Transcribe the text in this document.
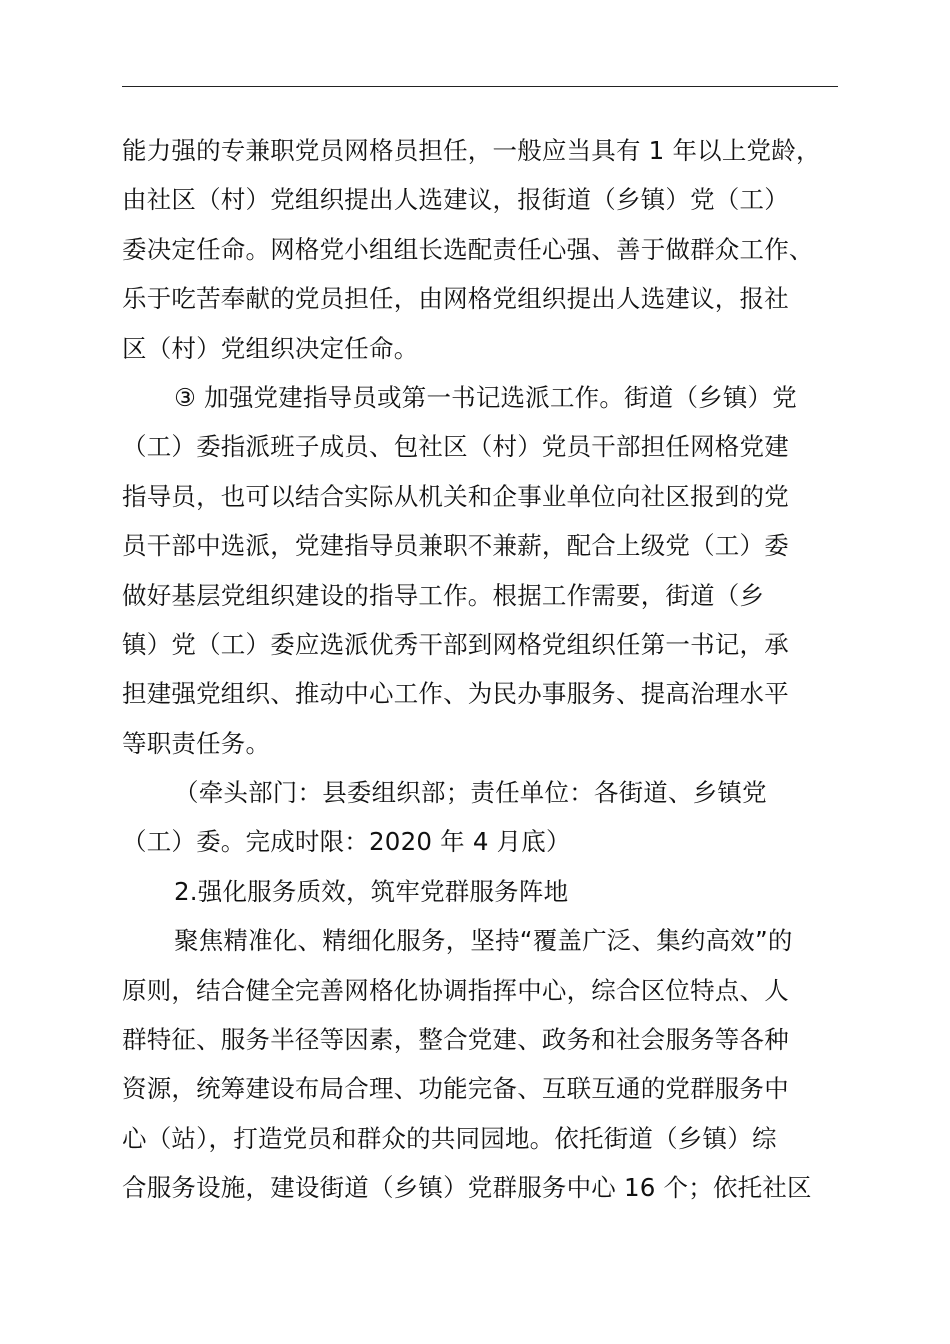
能力强的专兼职党员网格员担任，一般应当具有 1 年以上党龄，
由社区（村）党组织提出人选建议，报街道（乡镇）党（工）
委决定任命。网格党小组组长选配责任心强、善于做群众工作、
乐于吃苦奉献的党员担任，由网格党组织提出人选建议，报社
区（村）党组织决定任命。
③ 加强党建指导员或第一书记选派工作。街道（乡镇）党
（工）委指派班子成员、包社区（村）党员干部担任网格党建
指导员，也可以结合实际从机关和企事业单位向社区报到的党
员干部中选派，党建指导员兼职不兼薪，配合上级党（工）委
做好基层党组织建设的指导工作。根据工作需要，街道（乡
镇）党（工）委应选派优秀干部到网格党组织任第一书记，承
担建强党组织、推动中心工作、为民办事服务、提高治理水平
等职责任务。
（牵头部门：县委组织部；责任单位：各街道、乡镇党
（工）委。完成时限：2020 年 4 月底）
2.强化服务质效，筑牢党群服务阵地
聚焦精准化、精细化服务，坚持“覆盖广泛、集约高效”的
原则，结合健全完善网格化协调指挥中心，综合区位特点、人
群特征、服务半径等因素，整合党建、政务和社会服务等各种
资源，统筹建设布局合理、功能完备、互联互通的党群服务中
心（站），打造党员和群众的共同园地。依托街道（乡镇）综
合服务设施，建设街道（乡镇）党群服务中心 16 个；依托社区
